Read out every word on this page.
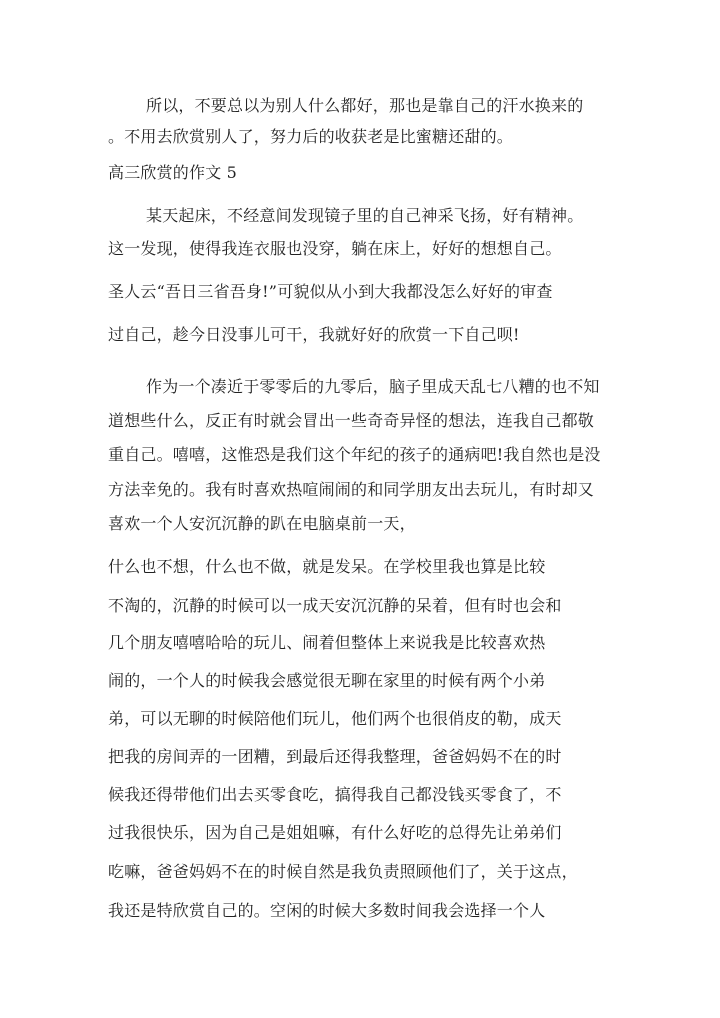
所以，不要总以为别人什么都好，那也是靠自己的汗水换来的
。不用去欣赏别人了，努力后的收获老是比蜜糖还甜的。
高三欣赏的作文 5
某天起床，不经意间发现镜子里的自己神采飞扬，好有精神。
这一发现，使得我连衣服也没穿，躺在床上，好好的想想自己。
圣人云“吾日三省吾身!”可貌似从小到大我都没怎么好好的审查
过自己，趁今日没事儿可干，我就好好的欣赏一下自己呗!
作为一个凑近于零零后的九零后，脑子里成天乱七八糟的也不知
道想些什么，反正有时就会冒出一些奇奇异怪的想法，连我自己都敬
重自己。嘻嘻，这惟恐是我们这个年纪的孩子的通病吧!我自然也是没
方法幸免的。我有时喜欢热喧闹闹的和同学朋友出去玩儿，有时却又
喜欢一个人安沉沉静的趴在电脑桌前一天，
什么也不想，什么也不做，就是发呆。在学校里我也算是比较
不淘的，沉静的时候可以一成天安沉沉静的呆着，但有时也会和
几个朋友嘻嘻哈哈的玩儿、闹着但整体上来说我是比较喜欢热
闹的，一个人的时候我会感觉很无聊在家里的时候有两个小弟
弟，可以无聊的时候陪他们玩儿，他们两个也很俏皮的勒，成天
把我的房间弄的一团糟，到最后还得我整理，爸爸妈妈不在的时
候我还得带他们出去买零食吃，搞得我自己都没钱买零食了，不
过我很快乐，因为自己是姐姐嘛，有什么好吃的总得先让弟弟们
吃嘛，爸爸妈妈不在的时候自然是我负责照顾他们了，关于这点，
我还是特欣赏自己的。空闲的时候大多数时间我会选择一个人
